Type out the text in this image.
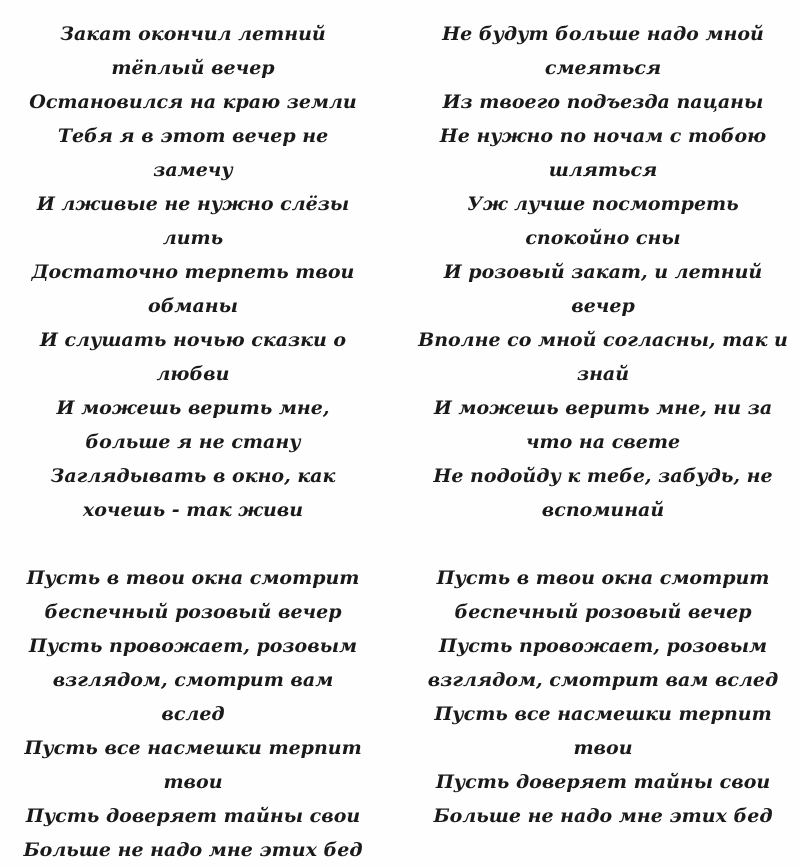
Закат окончил летний тёплый вечер
Остановился на краю земли
Тебя я в этот вечер не замечу
И лживые не нужно слёзы лить
Достаточно терпеть твои обманы
И слушать ночью сказки о любви
И можешь верить мне, больше я не стану
Заглядывать в окно, как хочешь - так живи
Пусть в твои окна смотрит беспечный розовый вечер
Пусть провожает, розовым взглядом, смотрит вам вслед
Пусть все насмешки терпит твои
Пусть доверяет тайны свои
Больше не надо мне этих бед
Не будут больше надо мной смеяться
Из твоего подъезда пацаны
Не нужно по ночам с тобою шляться
Уж лучше посмотреть спокойно сны
И розовый закат, и летний вечер
Вполне со мной согласны, так и знай
И можешь верить мне, ни за что на свете
Не подойду к тебе, забудь, не вспоминай
Пусть в твои окна смотрит беспечный розовый вечер
Пусть провожает, розовым взглядом, смотрит вам вслед
Пусть все насмешки терпит твои
Пусть доверяет тайны свои
Больше не надо мне этих бед
